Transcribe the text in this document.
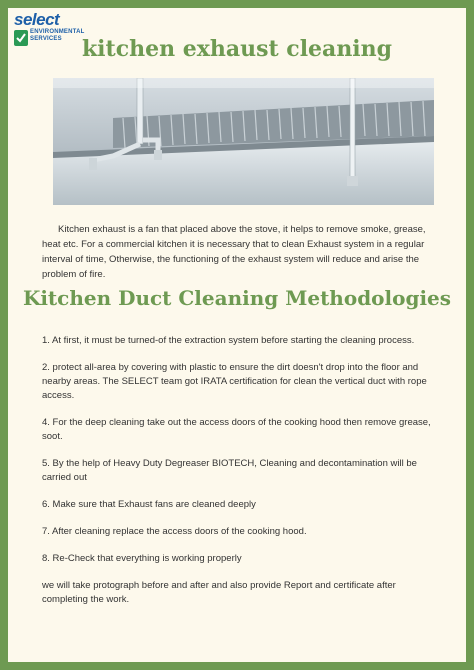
select
ENVIRONMENTAL
SERVICES kitchen exhaust cleaning

Kitchen exhaust is a fan that placed above the stove, it helps to remove smoke, grease, heat etc. For a commercial kitchen it is necessary that to clean Exhaust system in a regular interval of time, Otherwise, the functioning of the exhaust system will reduce and arise the problem of fire.

Kitchen Duct Cleaning Methodologies

1. At first, it must be turned-of the extraction system before starting the cleaning process.

2. protect all-area by covering with plastic to ensure the dirt doesn't drop into the floor and nearby areas. The SELECT team got IRATA certification for clean the vertical duct with rope access.

4. For the deep cleaning take out the access doors of the cooking hood then remove grease, soot.

5. By the help of Heavy Duty Degreaser BIOTECH, Cleaning and decontamination will be carried out

6. Make sure that Exhaust fans are cleaned deeply

7. After cleaning replace the access doors of the cooking hood.

8. Re-Check that everything is working properly

we will take protograph before and after and also provide Report and certificate after completing the work.
